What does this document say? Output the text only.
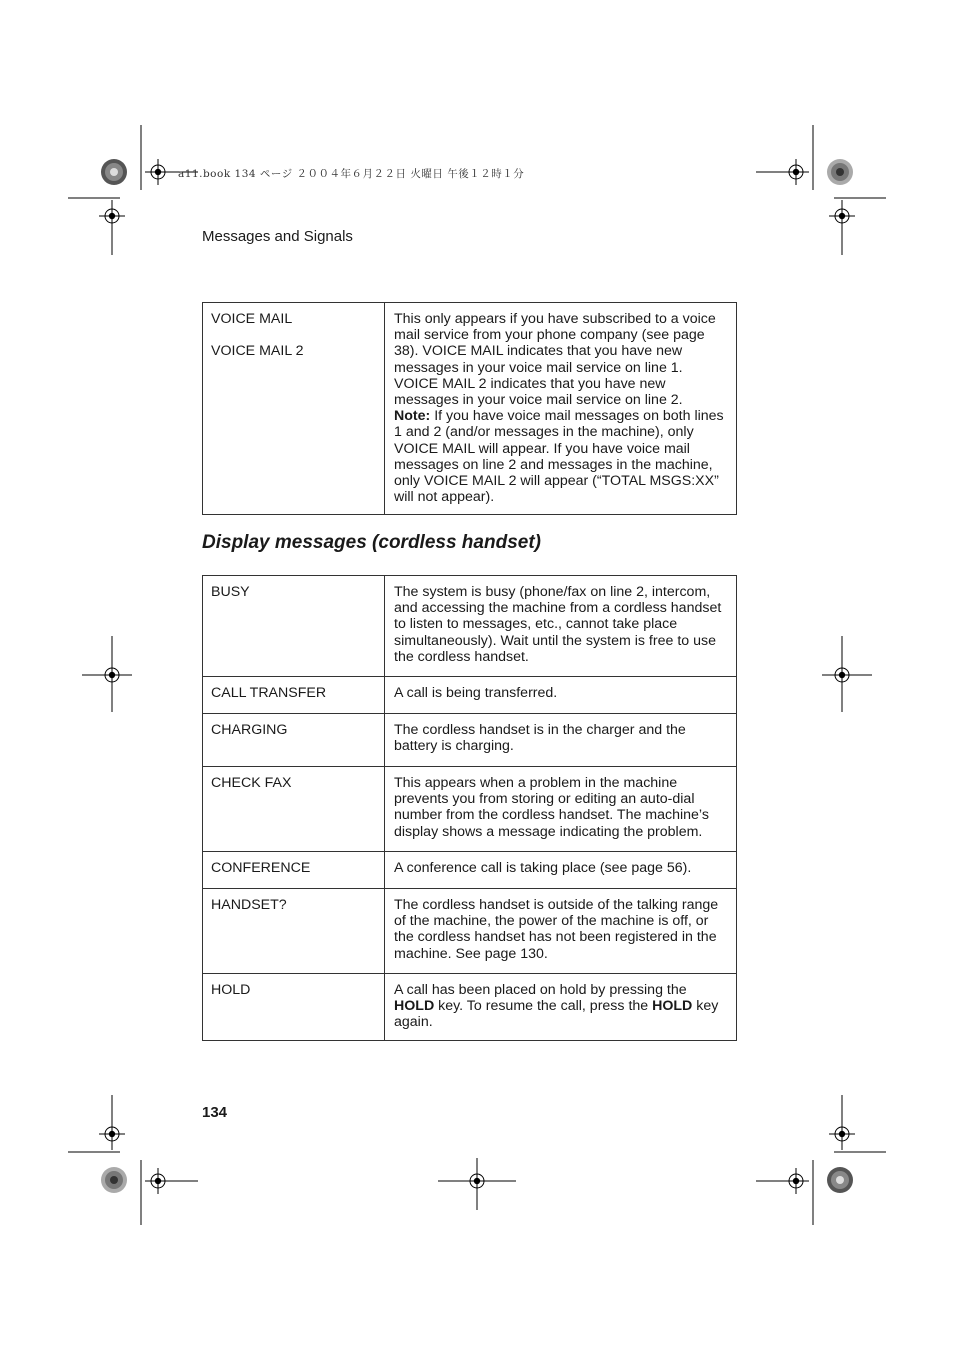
a11.book 134 ページ ２００４年６月２２日 火曜日 午後１２時１分
Messages and Signals
VOICE MAIL
VOICE MAIL 2
	This only appears if you have subscribed to a voice mail service from your phone company (see page 38). VOICE MAIL indicates that you have new messages in your voice mail service on line 1. VOICE MAIL 2 indicates that you have new messages in your voice mail service on line 2.
Note: If you have voice mail messages on both lines 1 and 2 (and/or messages in the machine), only VOICE MAIL will appear. If you have voice mail messages on line 2 and messages in the machine, only VOICE MAIL 2 will appear (“TOTAL MSGS:XX” will not appear).
Display messages (cordless handset)
BUSY	The system is busy (phone/fax on line 2, intercom, and accessing the machine from a cordless handset to listen to messages, etc., cannot take place simultaneously). Wait until the system is free to use the cordless handset.
CALL TRANSFER	A call is being transferred.
CHARGING	The cordless handset is in the charger and the battery is charging.
CHECK FAX	This appears when a problem in the machine prevents you from storing or editing an auto-dial number from the cordless handset. The machine’s display shows a message indicating the problem.
CONFERENCE	A conference call is taking place (see page 56).
HANDSET?	The cordless handset is outside of the talking range of the machine, the power of the machine is off, or the cordless handset has not been registered in the machine. See page 130.
HOLD	A call has been placed on hold by pressing the HOLD key. To resume the call, press the HOLD key again.
134
